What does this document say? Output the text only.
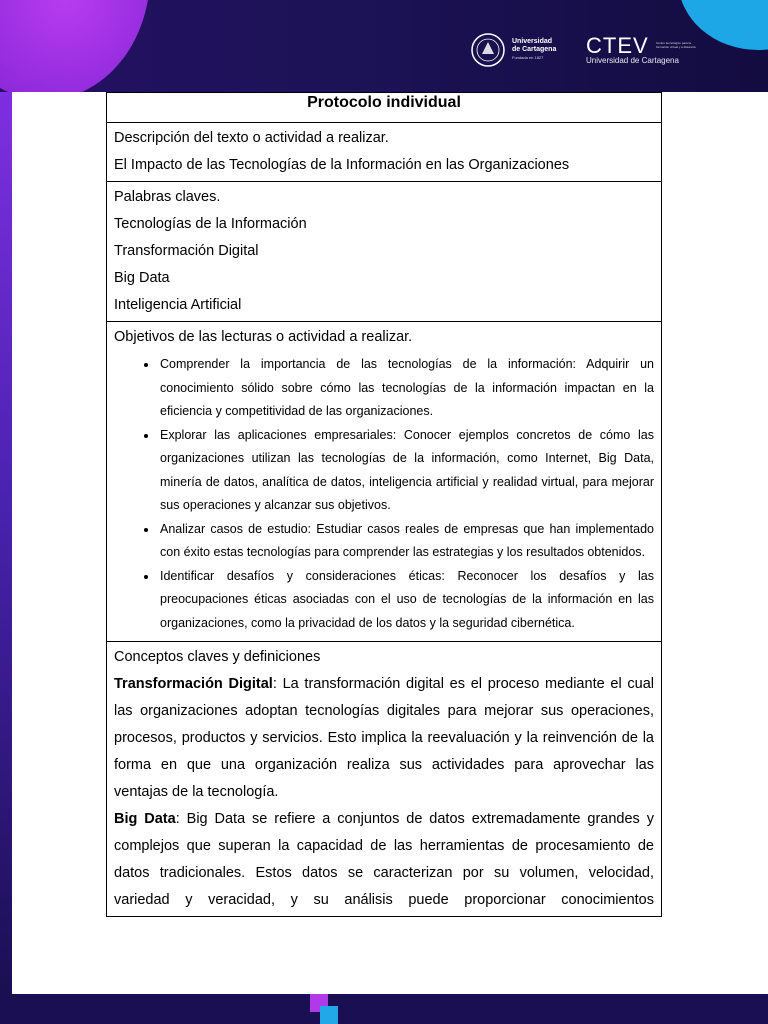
Universidad
de Cartagena
Fundada en 1827	CTEV
Universidad de Cartagena
Centro tecnológico para la formación virtual y a distancia
Protocolo individual

Descripción del texto o actividad a realizar.

El Impacto de las Tecnologías de la Información en las Organizaciones

Palabras claves.

Tecnologías de la Información

Transformación Digital

Big Data

Inteligencia Artificial

Objetivos de las lecturas o actividad a realizar.

• Comprender la importancia de las tecnologías de la información: Adquirir un conocimiento sólido sobre cómo las tecnologías de la información impactan en la eficiencia y competitividad de las organizaciones.
• Explorar las aplicaciones empresariales: Conocer ejemplos concretos de cómo las organizaciones utilizan las tecnologías de la información, como Internet, Big Data, minería de datos, analítica de datos, inteligencia artificial y realidad virtual, para mejorar sus operaciones y alcanzar sus objetivos.
• Analizar casos de estudio: Estudiar casos reales de empresas que han implementado con éxito estas tecnologías para comprender las estrategias y los resultados obtenidos.
• Identificar desafíos y consideraciones éticas: Reconocer los desafíos y las preocupaciones éticas asociadas con el uso de tecnologías de la información en las organizaciones, como la privacidad de los datos y la seguridad cibernética.

Conceptos claves y definiciones

Transformación Digital: La transformación digital es el proceso mediante el cual las organizaciones adoptan tecnologías digitales para mejorar sus operaciones, procesos, productos y servicios. Esto implica la reevaluación y la reinvención de la forma en que una organización realiza sus actividades para aprovechar las ventajas de la tecnología.

Big Data: Big Data se refiere a conjuntos de datos extremadamente grandes y complejos que superan la capacidad de las herramientas de procesamiento de datos tradicionales. Estos datos se caracterizan por su volumen, velocidad, variedad y veracidad, y su análisis puede proporcionar conocimientos
